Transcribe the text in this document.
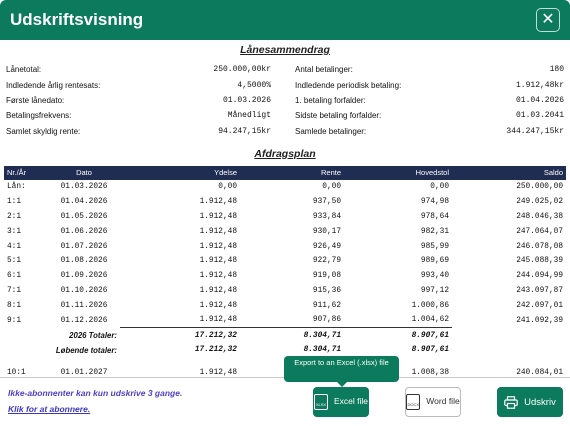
Udskriftsvisning	✕
Lånesammendrag
Lånetotal:	250.000,00kr
Indledende årlig rentesats:	4,5000%
Første lånedato:	01.03.2026
Betalingsfrekvens:	Månedligt
Samlet skyldig rente:	94.247,15kr
Antal betalinger:	180
Indledende periodisk betaling:	1.912,48kr
1. betaling forfalder:	01.04.2026
Sidste betaling forfalder:	01.03.2041
Samlede betalinger:	344.247,15kr
Afdragsplan
Nr./År	Dato	Ydelse	Rente	Hovedstol	Saldo
Lån:	01.03.2026	0,00	0,00	0,00	250.000,00
1:1	01.04.2026	1.912,48	937,50	974,98	249.025,02
2:1	01.05.2026	1.912,48	933,84	978,64	248.046,38
3:1	01.06.2026	1.912,48	930,17	982,31	247.064,07
4:1	01.07.2026	1.912,48	926,49	985,99	246.078,08
5:1	01.08.2026	1.912,48	922,79	989,69	245.088,39
6:1	01.09.2026	1.912,48	919,08	993,40	244.094,99
7:1	01.10.2026	1.912,48	915,36	997,12	243.097,87
8:1	01.11.2026	1.912,48	911,62	1.000,86	242.097,01
9:1	01.12.2026	1.912,48	907,86	1.004,62	241.092,39
2026 Totaler:		17.212,32	8.304,71	8.907,61	
Løbende totaler:		17.212,32	8.304,71	8.907,61	

10:1	01.01.2027	1.912,48		1.008,38	240.084,01
Export to an Excel (.xlsx) file
Ikke-abonnenter kan kun udskrive 3 gange.
Klik for at abonnere.	XLSX Excel file	DOCX Word file	Udskriv
